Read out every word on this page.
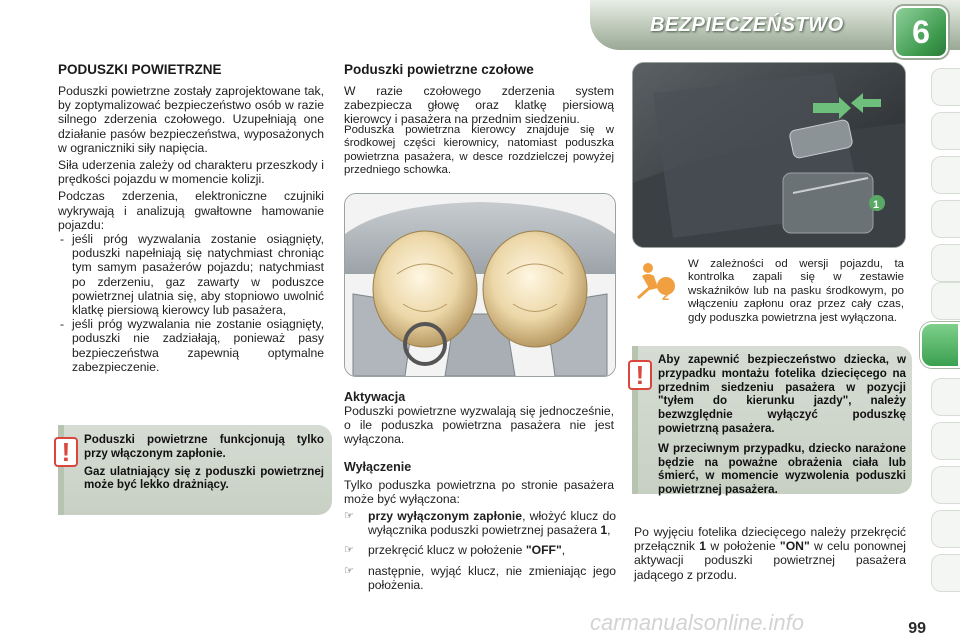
BEZPIECZEŃSTWO	6
PODUSZKI POWIETRZNE
Poduszki powietrzne zostały zaprojektowane tak, by zoptymalizować bezpieczeństwo osób w razie silnego zderzenia czołowego. Uzupełniają one działanie pasów bezpieczeństwa, wyposażonych w ograniczniki siły napięcia.
Siła uderzenia zależy od charakteru przeszkody i prędkości pojazdu w momencie kolizji.
Podczas zderzenia, elektroniczne czujniki wykrywają i analizują gwałtowne hamowanie pojazdu:
- jeśli próg wyzwalania zostanie osiągnięty, poduszki napełniają się natychmiast chroniąc tym samym pasażerów pojazdu; natychmiast po zderzeniu, gaz zawarty w poduszce powietrznej ulatnia się, aby stopniowo uwolnić klatkę piersiową kierowcy lub pasażera,
- jeśli próg wyzwalania nie zostanie osiągnięty, poduszki nie zadziałają, ponieważ pasy bezpieczeństwa zapewnią optymalne zabezpieczenie.
Poduszki powietrzne funkcjonują tylko przy włączonym zapłonie.
Gaz ulatniający się z poduszki powietrznej może być lekko drażniący.
!
Poduszki powietrzne czołowe
W razie czołowego zderzenia system zabezpiecza głowę oraz klatkę piersiową kierowcy i pasażera na przednim siedzeniu.
Poduszka powietrzna kierowcy znajduje się w środkowej części kierownicy, natomiast poduszka powietrzna pasażera, w desce rozdzielczej powyżej przedniego schowka.
Aktywacja
Poduszki powietrzne wyzwalają się jednocześnie, o ile poduszka powietrzna pasażera nie jest wyłączona.
Wyłączenie
Tylko poduszka powietrzna po stronie pasażera może być wyłączona:
☞ przy wyłączonym zapłonie, włożyć klucz do wyłącznika poduszki powietrznej pasażera 1,
☞ przekręcić klucz w położenie "OFF",
☞ następnie, wyjąć klucz, nie zmieniając jego położenia.
1
2
W zależności od wersji pojazdu, ta kontrolka zapali się w zestawie wskaźników lub na pasku środkowym, po włączeniu zapłonu oraz przez cały czas, gdy poduszka powietrzna jest wyłączona.
Aby zapewnić bezpieczeństwo dziecka, w przypadku montażu fotelika dziecięcego na przednim siedzeniu pasażera w pozycji "tyłem do kierunku jazdy", należy bezwzględnie wyłączyć poduszkę powietrzną pasażera.
W przeciwnym przypadku, dziecko narażone będzie na poważne obrażenia ciała lub śmierć, w momencie wyzwolenia poduszki powietrznej pasażera.
!
Po wyjęciu fotelika dziecięcego należy przekręcić przełącznik 1 w położenie "ON" w celu ponownej aktywacji poduszki powietrznej pasażera jadącego z przodu.
99
carmanualsonline.info
